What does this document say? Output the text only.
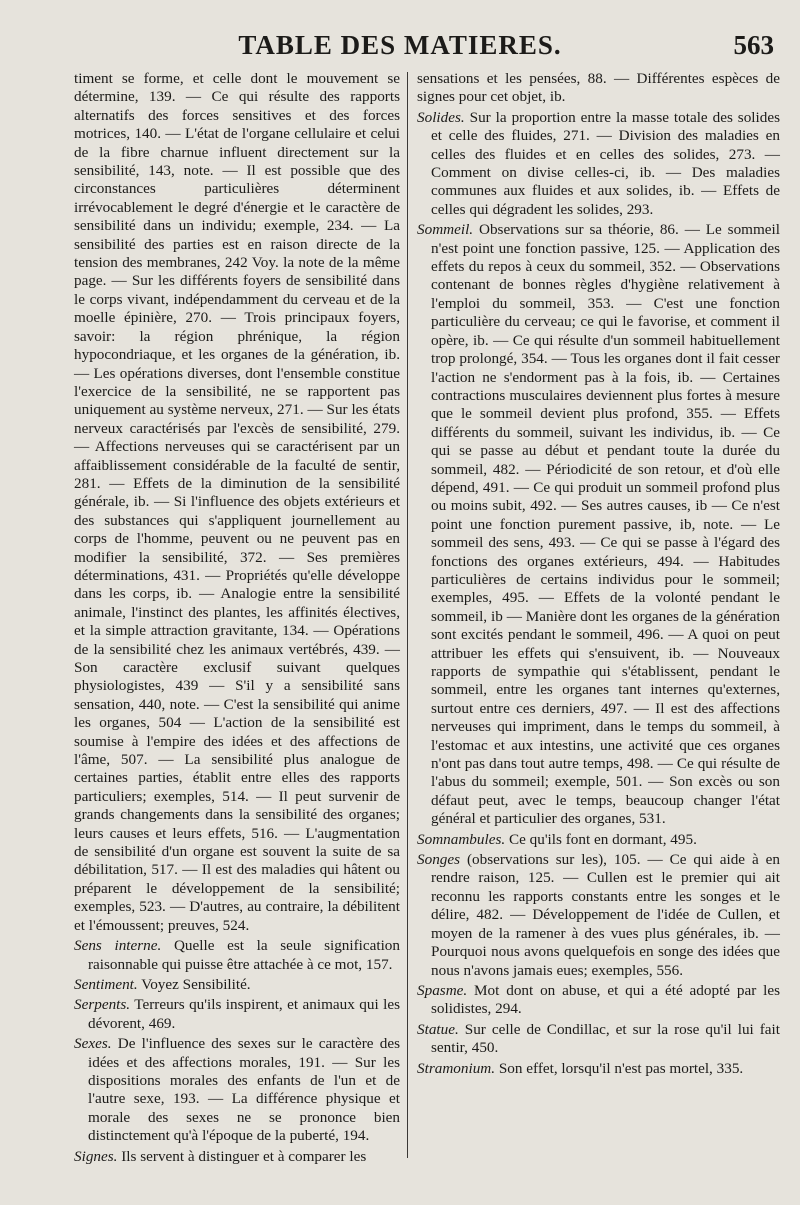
TABLE DES MATIERES.	563

timent se forme, et celle dont le mouvement se détermine, 139. — Ce qui résulte des rapports alternatifs des forces sensitives et des forces motrices, 140. — L'état de l'organe cellulaire et celui de la fibre charnue influent directement sur la sensibilité, 143, note. — Il est possible que des circonstances particulières déterminent irrévocablement le degré d'énergie et le caractère de sensibilité dans un individu; exemple, 234. — La sensibilité des parties est en raison directe de la tension des membranes, 242 Voy. la note de la même page. — Sur les différents foyers de sensibilité dans le corps vivant, indépendamment du cerveau et de la moelle épinière, 270. — Trois principaux foyers, savoir: la région phrénique, la région hypocondriaque, et les organes de la génération, ib. — Les opérations diverses, dont l'ensemble constitue l'exercice de la sensibilité, ne se rapportent pas uniquement au système nerveux, 271. — Sur les états nerveux caractérisés par l'excès de sensibilité, 279. — Affections nerveuses qui se caractérisent par un affaiblissement considérable de la faculté de sentir, 281. — Effets de la diminution de la sensibilité générale, ib. — Si l'influence des objets extérieurs et des substances qui s'appliquent journellement au corps de l'homme, peuvent ou ne peuvent pas en modifier la sensibilité, 372. — Ses premières déterminations, 431. — Propriétés qu'elle développe dans les corps, ib. — Analogie entre la sensibilité animale, l'instinct des plantes, les affinités électives, et la simple attraction gravitante, 134. — Opérations de la sensibilité chez les animaux vertébrés, 439. — Son caractère exclusif suivant quelques physiologistes, 439 — S'il y a sensibilité sans sensation, 440, note. — C'est la sensibilité qui anime les organes, 504 — L'action de la sensibilité est soumise à l'empire des idées et des affections de l'âme, 507. — La sensibilité plus analogue de certaines parties, établit entre elles des rapports particuliers; exemples, 514. — Il peut survenir de grands changements dans la sensibilité des organes; leurs causes et leurs effets, 516. — L'augmentation de sensibilité d'un organe est souvent la suite de sa débilitation, 517. — Il est des maladies qui hâtent ou préparent le développement de la sensibilité; exemples, 523. — D'autres, au contraire, la débilitent et l'émoussent; preuves, 524.

Sens interne. Quelle est la seule signification raisonnable qui puisse être attachée à ce mot, 157.

Sentiment. Voyez Sensibilité.

Serpents. Terreurs qu'ils inspirent, et animaux qui les dévorent, 469.

Sexes. De l'influence des sexes sur le caractère des idées et des affections morales, 191. — Sur les dispositions morales des enfants de l'un et de l'autre sexe, 193. — La différence physique et morale des sexes ne se prononce bien distinctement qu'à l'époque de la puberté, 194.

Signes. Ils servent à distinguer et à comparer les

sensations et les pensées, 88. — Différentes espèces de signes pour cet objet, ib.

Solides. Sur la proportion entre la masse totale des solides et celle des fluides, 271. — Division des maladies en celles des fluides et en celles des solides, 273. — Comment on divise celles-ci, ib. — Des maladies communes aux fluides et aux solides, ib. — Effets de celles qui dégradent les solides, 293.

Sommeil. Observations sur sa théorie, 86. — Le sommeil n'est point une fonction passive, 125. — Application des effets du repos à ceux du sommeil, 352. — Observations contenant de bonnes règles d'hygiène relativement à l'emploi du sommeil, 353. — C'est une fonction particulière du cerveau; ce qui le favorise, et comment il opère, ib. — Ce qui résulte d'un sommeil habituellement trop prolongé, 354. — Tous les organes dont il fait cesser l'action ne s'endorment pas à la fois, ib. — Certaines contractions musculaires deviennent plus fortes à mesure que le sommeil devient plus profond, 355. — Effets différents du sommeil, suivant les individus, ib. — Ce qui se passe au début et pendant toute la durée du sommeil, 482. — Périodicité de son retour, et d'où elle dépend, 491. — Ce qui produit un sommeil profond plus ou moins subit, 492. — Ses autres causes, ib — Ce n'est point une fonction purement passive, ib, note. — Le sommeil des sens, 493. — Ce qui se passe à l'égard des fonctions des organes extérieurs, 494. — Habitudes particulières de certains individus pour le sommeil; exemples, 495. — Effets de la volonté pendant le sommeil, ib — Manière dont les organes de la génération sont excités pendant le sommeil, 496. — A quoi on peut attribuer les effets qui s'ensuivent, ib. — Nouveaux rapports de sympathie qui s'établissent, pendant le sommeil, entre les organes tant internes qu'externes, surtout entre ces derniers, 497. — Il est des affections nerveuses qui impriment, dans le temps du sommeil, à l'estomac et aux intestins, une activité que ces organes n'ont pas dans tout autre temps, 498. — Ce qui résulte de l'abus du sommeil; exemple, 501. — Son excès ou son défaut peut, avec le temps, beaucoup changer l'état général et particulier des organes, 531.

Somnambules. Ce qu'ils font en dormant, 495.

Songes (observations sur les), 105. — Ce qui aide à en rendre raison, 125. — Cullen est le premier qui ait reconnu les rapports constants entre les songes et le délire, 482. — Développement de l'idée de Cullen, et moyen de la ramener à des vues plus générales, ib. — Pourquoi nous avons quelquefois en songe des idées que nous n'avons jamais eues; exemples, 556.

Spasme. Mot dont on abuse, et qui a été adopté par les solidistes, 294.

Statue. Sur celle de Condillac, et sur la rose qu'il lui fait sentir, 450.

Stramonium. Son effet, lorsqu'il n'est pas mortel, 335.
